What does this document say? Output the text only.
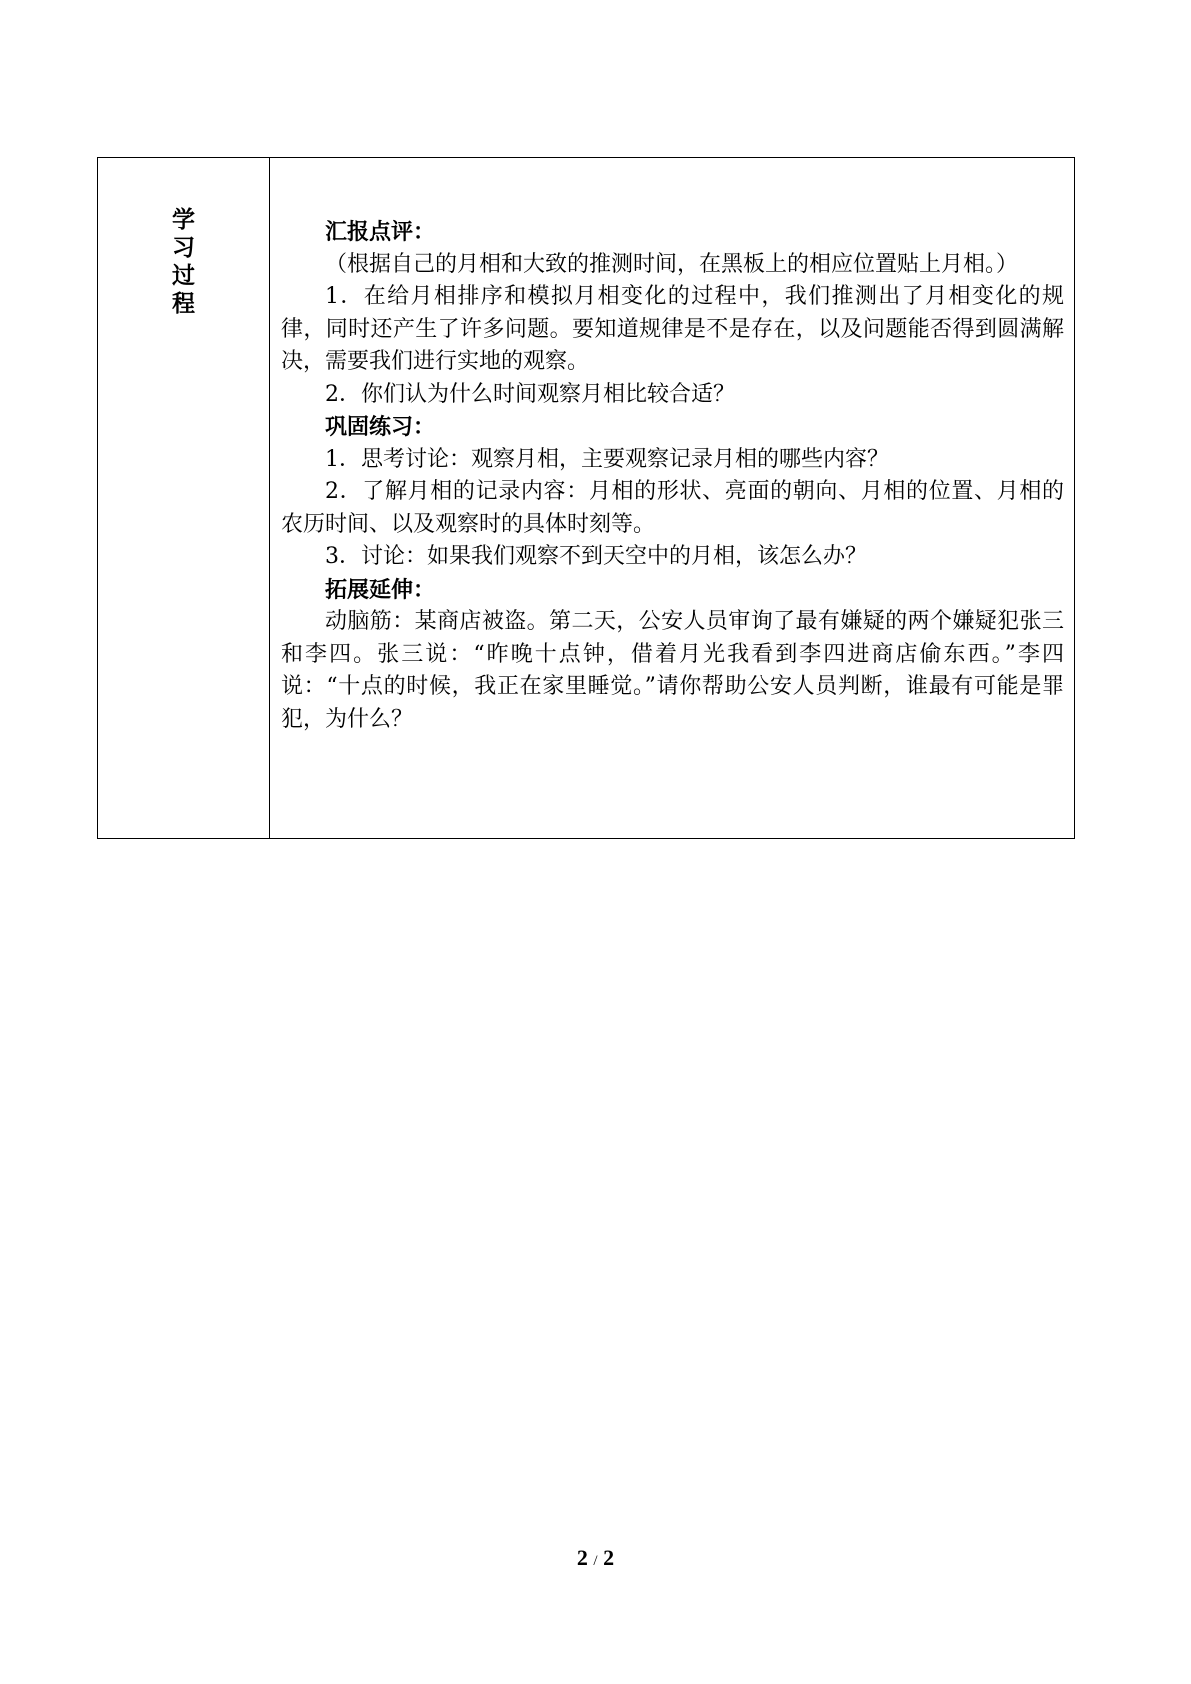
学
习
过
程

汇报点评：

（根据自己的月相和大致的推测时间，在黑板上的相应位置贴上月相。）

1．在给月相排序和模拟月相变化的过程中，我们推测出了月相变化的规律，同时还产生了许多问题。要知道规律是不是存在，以及问题能否得到圆满解决，需要我们进行实地的观察。

2．你们认为什么时间观察月相比较合适？

巩固练习：

1．思考讨论：观察月相，主要观察记录月相的哪些内容？

2．了解月相的记录内容：月相的形状、亮面的朝向、月相的位置、月相的农历时间、以及观察时的具体时刻等。

3．讨论：如果我们观察不到天空中的月相，该怎么办？

拓展延伸：

动脑筋：某商店被盗。第二天，公安人员审询了最有嫌疑的两个嫌疑犯张三和李四。张三说：“昨晚十点钟，借着月光我看到李四进商店偷东西。”李四说：“十点的时候，我正在家里睡觉。”请你帮助公安人员判断，谁最有可能是罪犯，为什么？

2 / 2
